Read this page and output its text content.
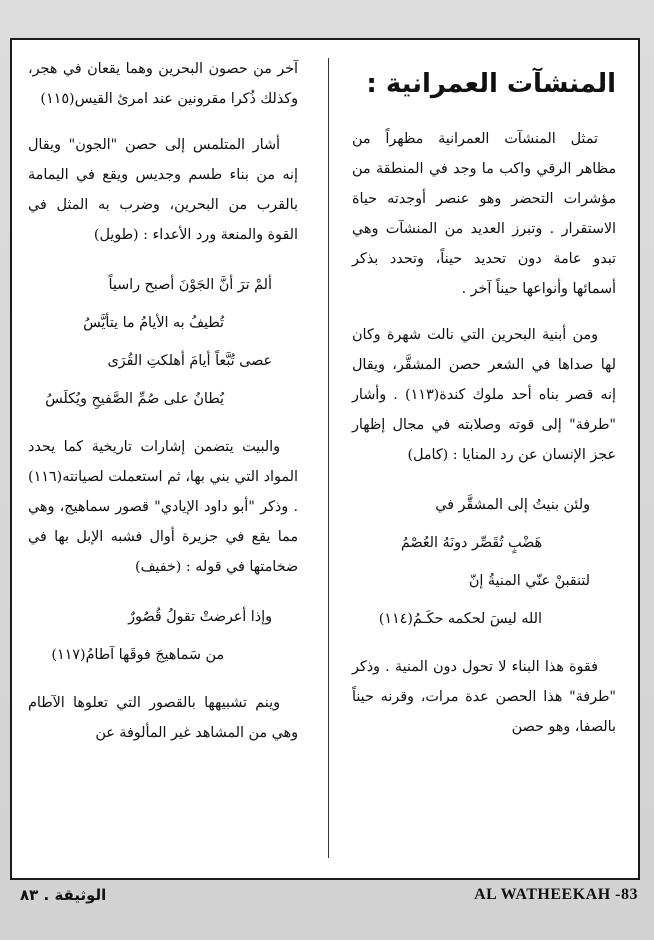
المنشآت العمرانية :

تمثل المنشآت العمرانية مظهراً من مظاهر الرقي واكب ما وجد في المنطقة من مؤشرات التحضر وهو عنصر أوجدته حياة الاستقرار . وتبرز العديد من المنشآت وهي تبدو عامة دون تحديد حيناً، وتحدد بذكر أسمائها وأنواعها حيناً آخر .

ومن أبنية البحرين التي نالت شهرة وكان لها صداها في الشعر حصن المشقَّر، ويقال إنه قصر بناه أحد ملوك كندة(١١٣) . وأشار "طرفة" إلى قوته وصلابته في مجال إظهار عجز الإنسان عن رد المنايا : (كامل)

ولئن بنيتُ إلى المشقَّر في

هَضْبٍ تُقَصِّر دونَهُ العُصْمُ

لتنقبنْ عنّي المنيةُ إنّ

الله ليسَ لحكمه حكَـمُ(١١٤)

فقوة هذا البناء لا تحول دون المنية . وذكر "طرفة" هذا الحصن عدة مرات، وقرنه حيناً بالصفا، وهو حصن

آخر من حصون البحرين وهما يقعان في هجر، وكذلك ذُكرا مقرونين عند امرئ القيس(١١٥)

أشار المتلمس إلى حصن "الجون" ويقال إنه من بناء طسم وجديس ويقع في اليمامة بالقرب من البحرين، وضرب به المثل في القوة والمنعة ورد الأعداء : (طويل)

ألمْ ترَ أنَّ الجَوْنَ أصبح راسياً

تُطيفُ به الأيامُ ما يتأيَّسُ

عصى تُبَّعاً أيامَ أهلكتِ القُرَى

يُطانُ على صُمِّ الصَّفيحِ ويُكلَسُ

والبيت يتضمن إشارات تاريخية كما يحدد المواد التي بني بها، ثم استعملت لصيانته(١١٦) . وذكر "أبو داود الإيادي" قصور سماهيج، وهي مما يقع في جزيرة أوال فشبه الإبل بها في ضخامتها في قوله : (خفيف)

وإذا أعرضتْ تقولُ قُصُورٌ

من سَماهيجَ فوقَها آطامُ(١١٧)

وينم تشبيهها بالقصور التي تعلوها الآطام وهي من المشاهد غير المألوفة عن

الوثيقة . ٨٣	AL WATHEEKAH -83
